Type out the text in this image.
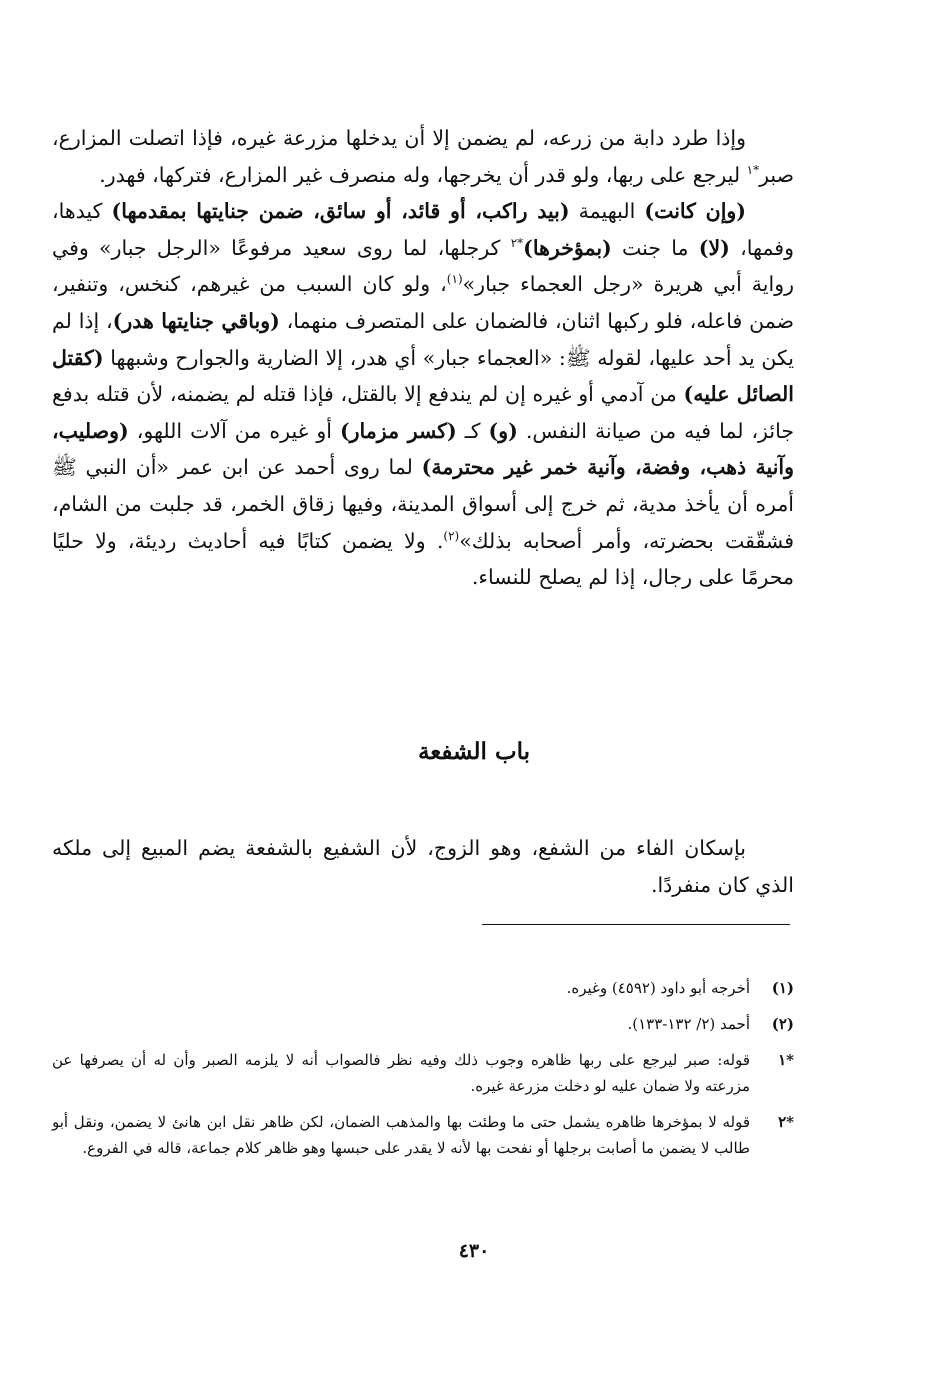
وإذا طرد دابة من زرعه، لم يضمن إلا أن يدخلها مزرعة غيره، فإذا اتصلت المزارع، صبر$^{*١}$ ليرجع على ربها، ولو قدر أن يخرجها، وله منصرف غير المزارع، فتركها، فهدر.

(وإن كانت) البهيمة (بيد راكب، أو قائد، أو سائق، ضمن جنايتها بمقدمها) كيدها، وفمها، (لا) ما جنت (بمؤخرها)$^{*٢}$ كرجلها، لما روى سعيد مرفوعًا «الرجل جبار» وفي رواية أبي هريرة «رجل العجماء جبار»$^{(١)}$، ولو كان السبب من غيرهم، كنخس، وتنفير، ضمن فاعله، فلو ركبها اثنان، فالضمان على المتصرف منهما، (وباقي جنايتها هدر)، إذا لم يكن يد أحد عليها، لقوله ﷺ: «العجماء جبار» أي هدر، إلا الضارية والجوارح وشبهها (كقتل الصائل عليه) من آدمي أو غيره إن لم يندفع إلا بالقتل، فإذا قتله لم يضمنه، لأن قتله بدفع جائز، لما فيه من صيانة النفس. (و) كـ (كسر مزمار) أو غيره من آلات اللهو، (وصليب، وآنية ذهب، وفضة، وآنية خمر غير محترمة) لما روى أحمد عن ابن عمر «أن النبي ﷺ أمره أن يأخذ مدية، ثم خرج إلى أسواق المدينة، وفيها زقاق الخمر، قد جلبت من الشام، فشقّقت بحضرته، وأمر أصحابه بذلك»$^{(٢)}$. ولا يضمن كتابًا فيه أحاديث رديئة، ولا حليًا محرمًا على رجال، إذا لم يصلح للنساء.

باب الشفعة

بإسكان الفاء من الشفع، وهو الزوج، لأن الشفيع بالشفعة يضم المبيع إلى ملكه الذي كان منفردًا.

(١)
أخرجه أبو داود (٤٥٩٢) وغيره.
(٢)
أحمد (٢/ ١٣٢-١٣٣).
*١
قوله: صبر ليرجع على ربها ظاهره وجوب ذلك وفيه نظر فالصواب أنه لا يلزمه الصبر وأن له أن يصرفها عن مزرعته ولا ضمان عليه لو دخلت مزرعة غيره.
*٢
قوله لا بمؤخرها ظاهره يشمل حتى ما وطئت بها والمذهب الضمان، لكن ظاهر نقل ابن هانئ لا يضمن، ونقل أبو طالب لا يضمن ما أصابت برجلها أو نفحت بها لأنه لا يقدر على حبسها وهو ظاهر كلام جماعة، قاله في الفروع.
٤٣٠
